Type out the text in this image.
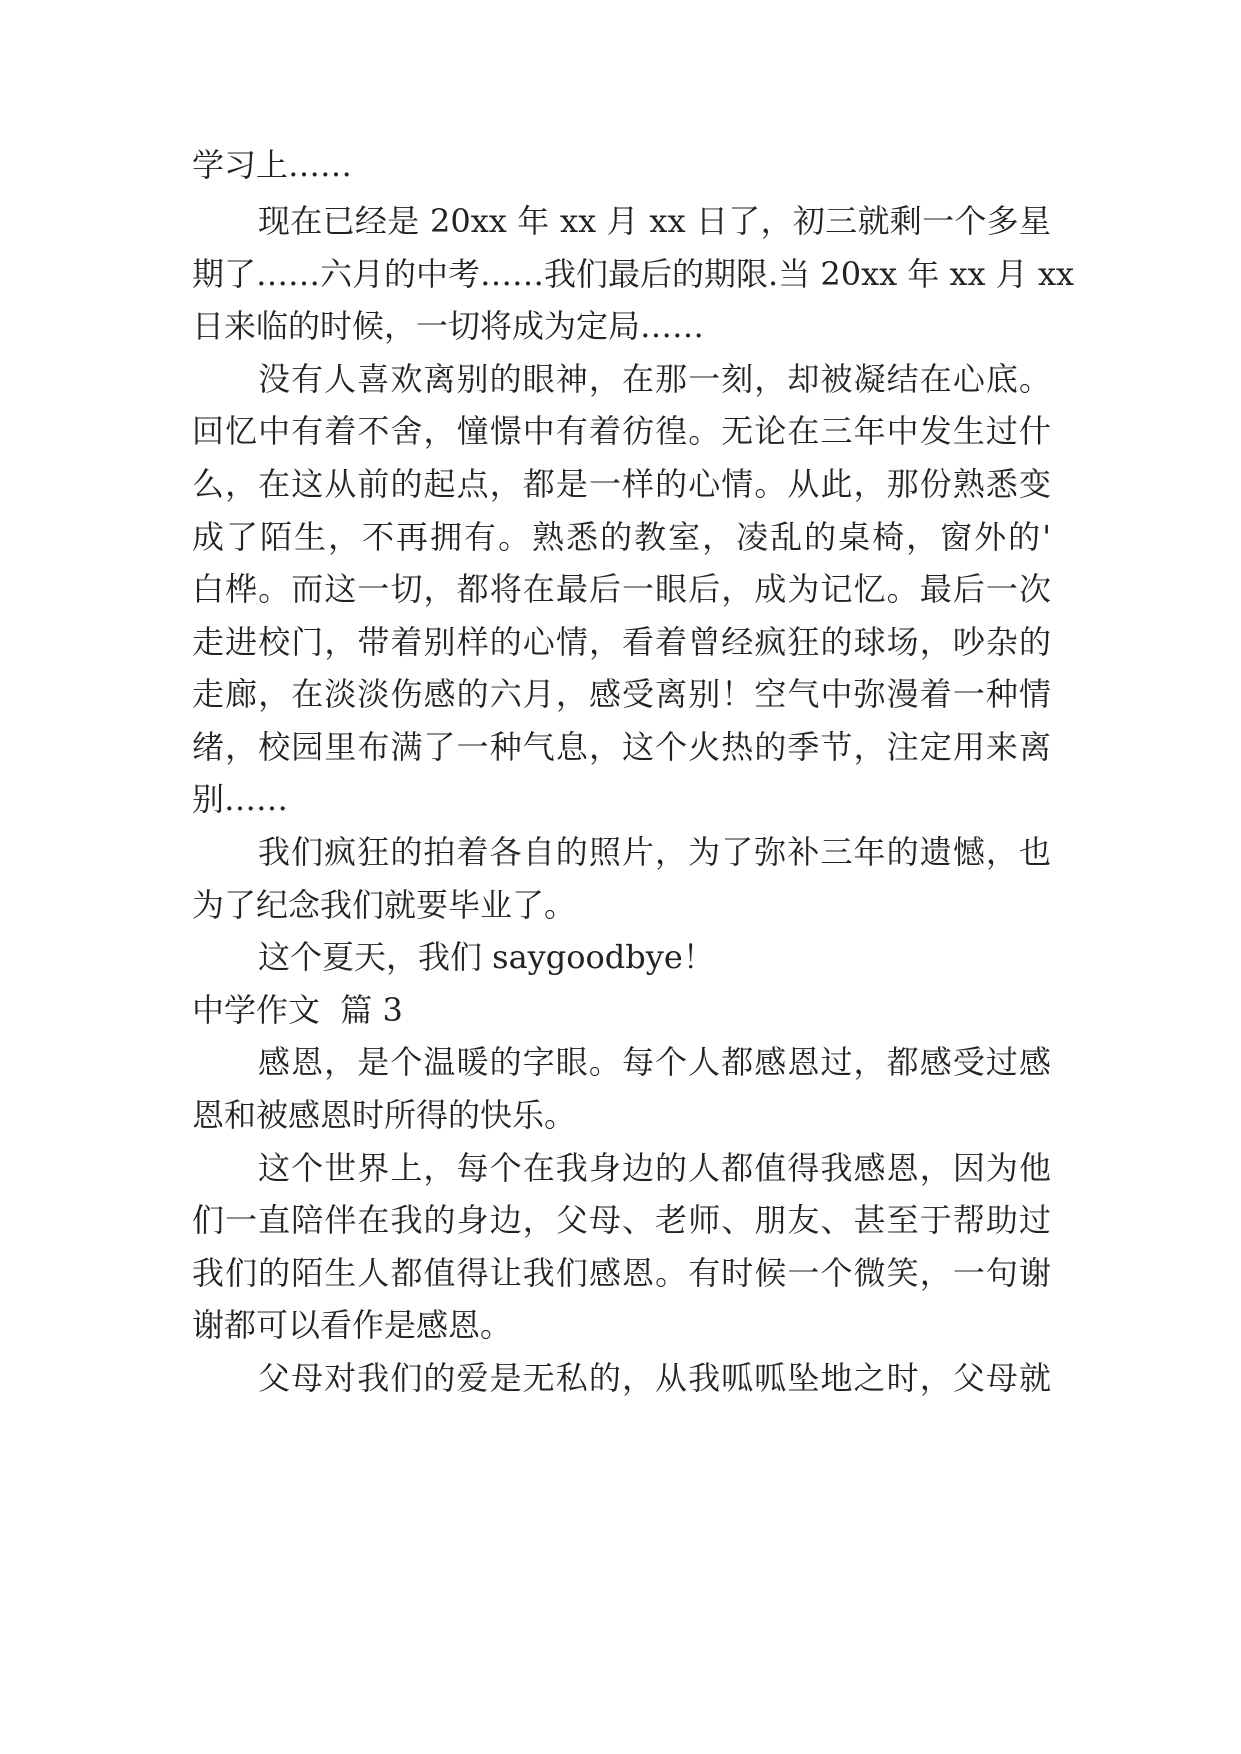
学习上……

现在已经是 20xx 年 xx 月 xx 日了，初三就剩一个多星

期了……六月的中考……我们最后的期限.当 20xx 年 xx 月 xx

日来临的时候，一切将成为定局……

没有人喜欢离别的眼神，在那一刻，却被凝结在心底。

回忆中有着不舍，憧憬中有着彷徨。无论在三年中发生过什

么，在这从前的起点，都是一样的心情。从此，那份熟悉变

成了陌生，不再拥有。熟悉的教室，凌乱的桌椅，窗外的'

白桦。而这一切，都将在最后一眼后，成为记忆。最后一次

走进校门，带着别样的心情，看着曾经疯狂的球场，吵杂的

走廊，在淡淡伤感的六月，感受离别！空气中弥漫着一种情

绪，校园里布满了一种气息，这个火热的季节，注定用来离

别……

我们疯狂的拍着各自的照片，为了弥补三年的遗憾，也

为了纪念我们就要毕业了。

这个夏天，我们 saygoodbye！

中学作文  篇 3

感恩，是个温暖的字眼。每个人都感恩过，都感受过感

恩和被感恩时所得的快乐。

这个世界上，每个在我身边的人都值得我感恩，因为他

们一直陪伴在我的身边，父母、老师、朋友、甚至于帮助过

我们的陌生人都值得让我们感恩。有时候一个微笑，一句谢

谢都可以看作是感恩。

父母对我们的爱是无私的，从我呱呱坠地之时，父母就
